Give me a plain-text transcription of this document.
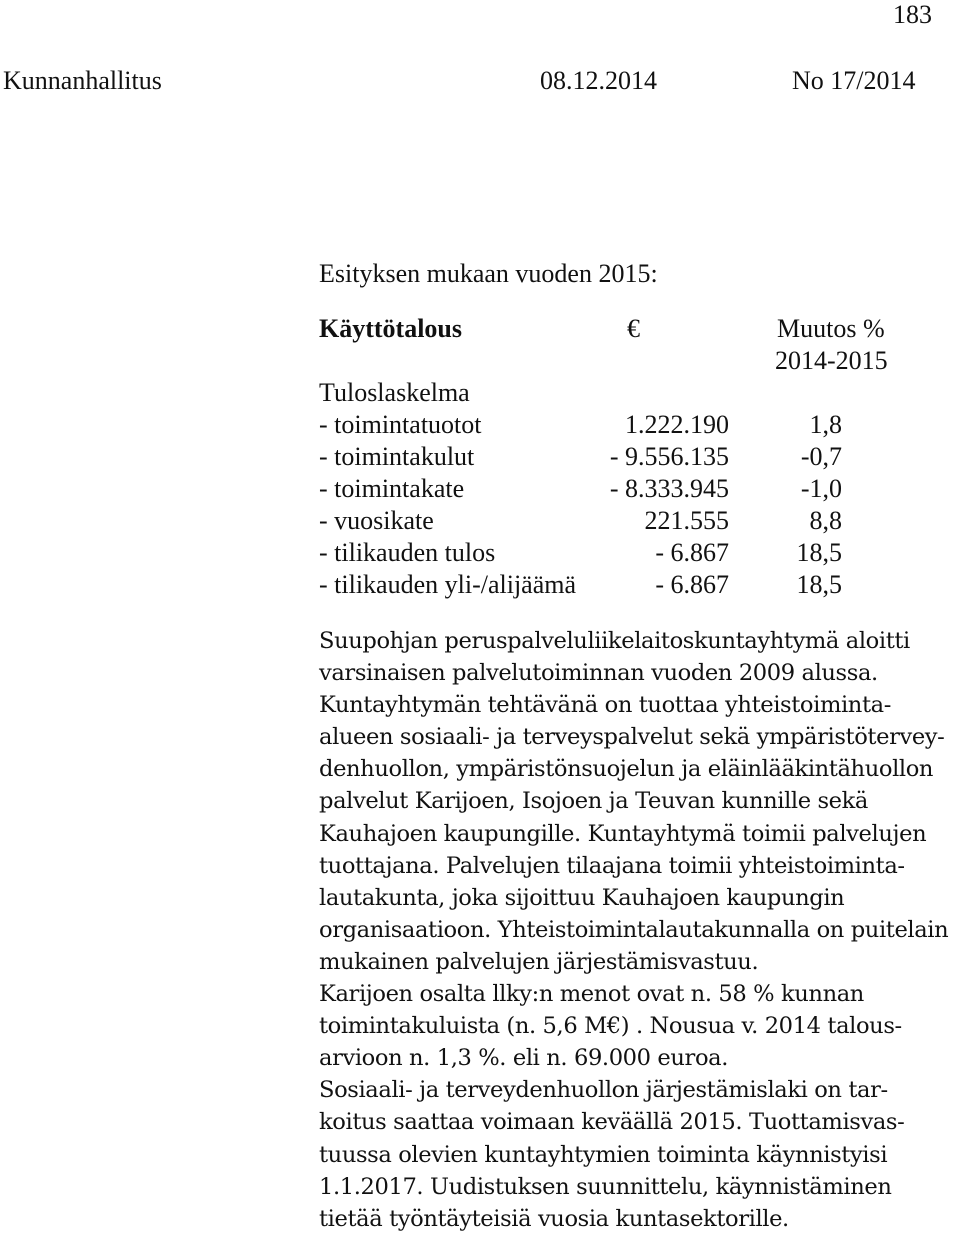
183
Kunnanhallitus	08.12.2014	No 17/2014
Esityksen mukaan vuoden 2015:
Käyttötalous	€	Muutos %
2014-2015
Tuloslaskelma
- toimintatuotot	1.222.190	1,8
- toimintakulut	- 9.556.135	-0,7
- toimintakate	- 8.333.945	-1,0
- vuosikate	221.555	8,8
- tilikauden tulos	- 6.867	18,5
- tilikauden yli-/alijäämä	- 6.867	18,5
Suupohjan peruspalveluliikelaitoskuntayhtymä aloitti
varsinaisen palvelutoiminnan vuoden 2009 alussa.
Kuntayhtymän tehtävänä on tuottaa yhteistoiminta-
alueen sosiaali- ja terveyspalvelut sekä ympäristötervey-
denhuollon, ympäristönsuojelun ja eläinlääkintähuollon
palvelut Karijoen, Isojoen ja Teuvan kunnille sekä
Kauhajoen kaupungille. Kuntayhtymä toimii palvelujen
tuottajana. Palvelujen tilaajana toimii yhteistoiminta-
lautakunta, joka sijoittuu Kauhajoen kaupungin
organisaatioon. Yhteistoimintalautakunnalla on puitelain
mukainen palvelujen järjestämisvastuu.
Karijoen osalta llky:n menot ovat n. 58 % kunnan
toimintakuluista (n. 5,6 M€) . Nousua v. 2014 talous-
arvioon n. 1,3 %. eli n. 69.000 euroa.
Sosiaali- ja terveydenhuollon järjestämislaki on tar-
koitus saattaa voimaan keväällä 2015. Tuottamisvas-
tuussa olevien kuntayhtymien toiminta käynnistyisi
1.1.2017. Uudistuksen suunnittelu, käynnistäminen
tietää työntäyteisiä vuosia kuntasektorille.
